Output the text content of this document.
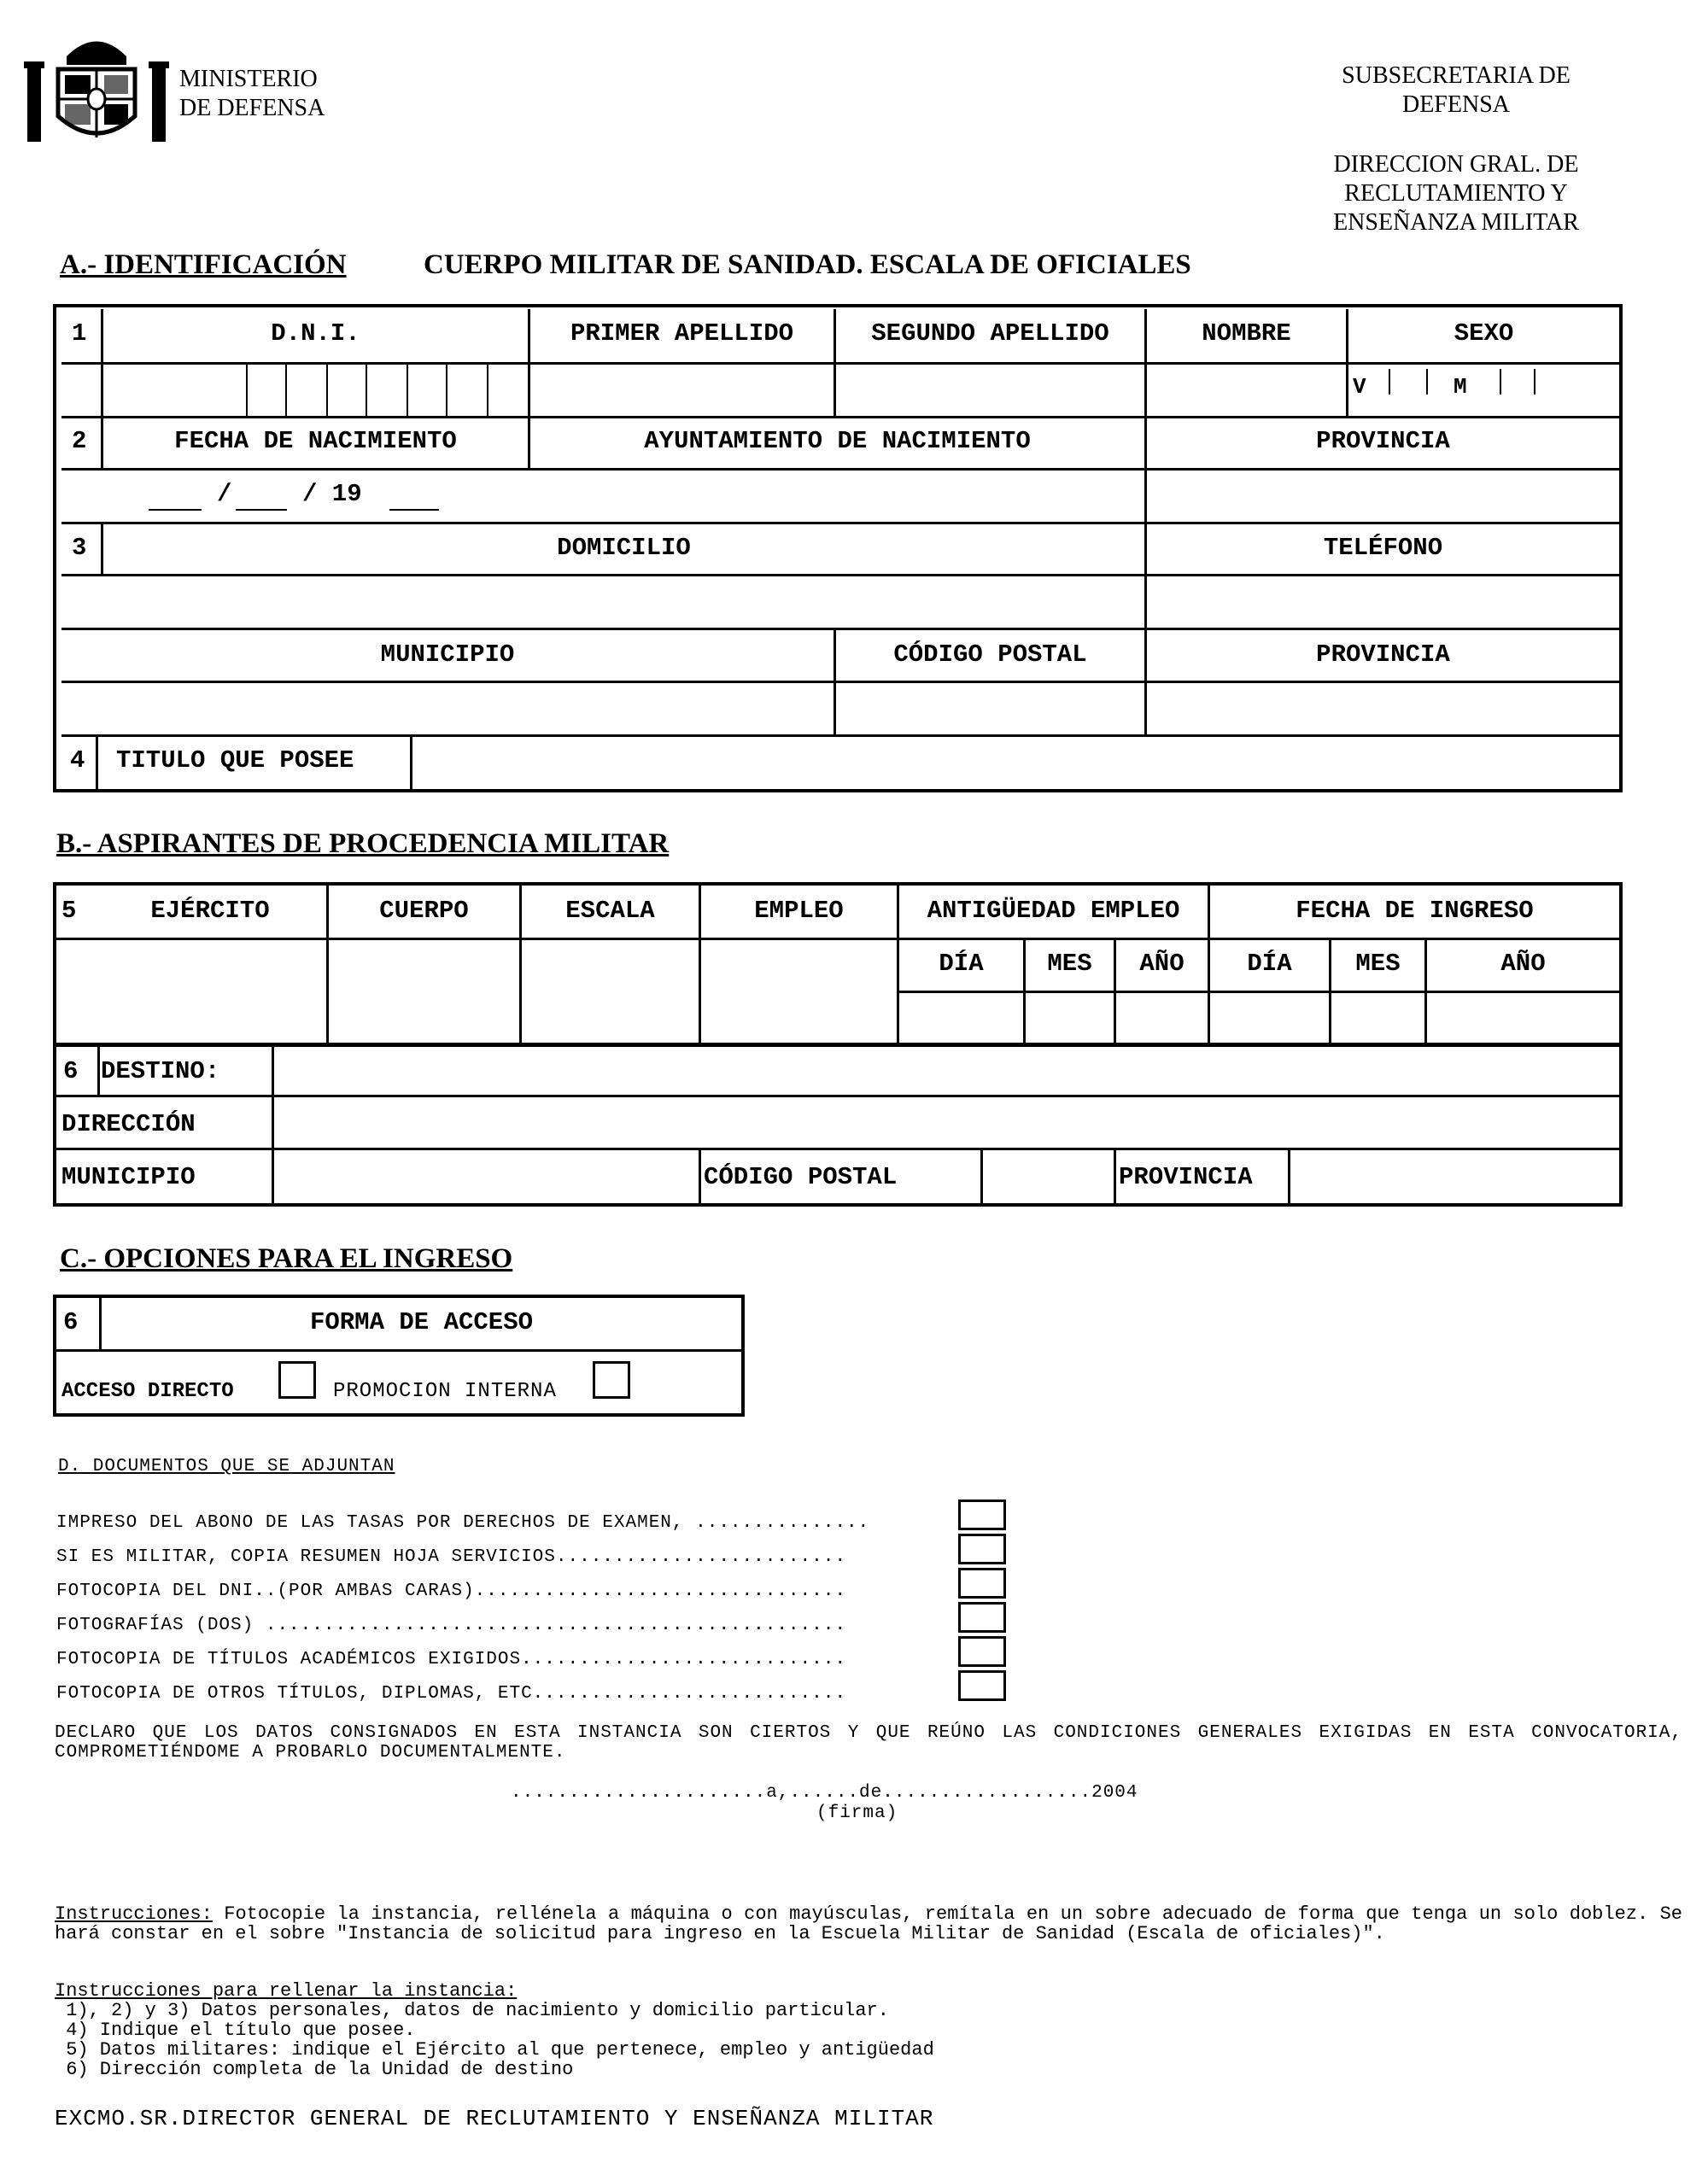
MINISTERIO
DE DEFENSA
SUBSECRETARIA DE
DEFENSA
DIRECCION GRAL. DE
RECLUTAMIENTO Y
ENSEÑANZA MILITAR
A.- IDENTIFICACIÓN	CUERPO MILITAR DE SANIDAD. ESCALA DE OFICIALES
1	D.N.I.	PRIMER APELLIDO	SEGUNDO APELLIDO	NOMBRE	SEXO
V	M
2	FECHA DE NACIMIENTO	AYUNTAMIENTO DE NACIMIENTO	PROVINCIA
/	/ 19
3	DOMICILIO	TELÉFONO
MUNICIPIO	CÓDIGO POSTAL	PROVINCIA
4 TITULO QUE POSEE
B.- ASPIRANTES DE PROCEDENCIA MILITAR
5	EJÉRCITO	CUERPO	ESCALA	EMPLEO	ANTIGÜEDAD EMPLEO	FECHA DE INGRESO
DÍA	MES	AÑO	DÍA	MES	AÑO
6 DESTINO:
DIRECCIÓN
MUNICIPIO	CÓDIGO POSTAL	PROVINCIA
C.- OPCIONES PARA EL INGRESO
6	FORMA DE ACCESO
ACCESO DIRECTO	PROMOCION INTERNA
D. DOCUMENTOS QUE SE ADJUNTAN
IMPRESO DEL ABONO DE LAS TASAS POR DERECHOS DE EXAMEN, ...............
SI ES MILITAR, COPIA RESUMEN HOJA SERVICIOS.........................
FOTOCOPIA DEL DNI..(POR AMBAS CARAS)................................
FOTOGRAFÍAS (DOS) ..................................................
FOTOCOPIA DE TÍTULOS ACADÉMICOS EXIGIDOS............................
FOTOCOPIA DE OTROS TÍTULOS, DIPLOMAS, ETC...........................
DECLARO QUE LOS DATOS CONSIGNADOS EN ESTA INSTANCIA SON CIERTOS Y QUE REÚNO LAS CONDICIONES GENERALES EXIGIDAS EN ESTA CONVOCATORIA, COMPROMETIÉNDOME A PROBARLO DOCUMENTALMENTE.
......................a,......de..................2004
(firma)
Instrucciones: Fotocopie la instancia, rellénela a máquina o con mayúsculas, remítala en un sobre adecuado de forma que tenga un solo doblez. Se hará constar en el sobre "Instancia de solicitud para ingreso en la Escuela Militar de Sanidad (Escala de oficiales)".
Instrucciones para rellenar la instancia:
1), 2) y 3) Datos personales, datos de nacimiento y domicilio particular.
4) Indique el título que posee.
5) Datos militares: indique el Ejército al que pertenece, empleo y antigüedad
6) Dirección completa de la Unidad de destino
EXCMO.SR.DIRECTOR GENERAL DE RECLUTAMIENTO Y ENSEÑANZA MILITAR
